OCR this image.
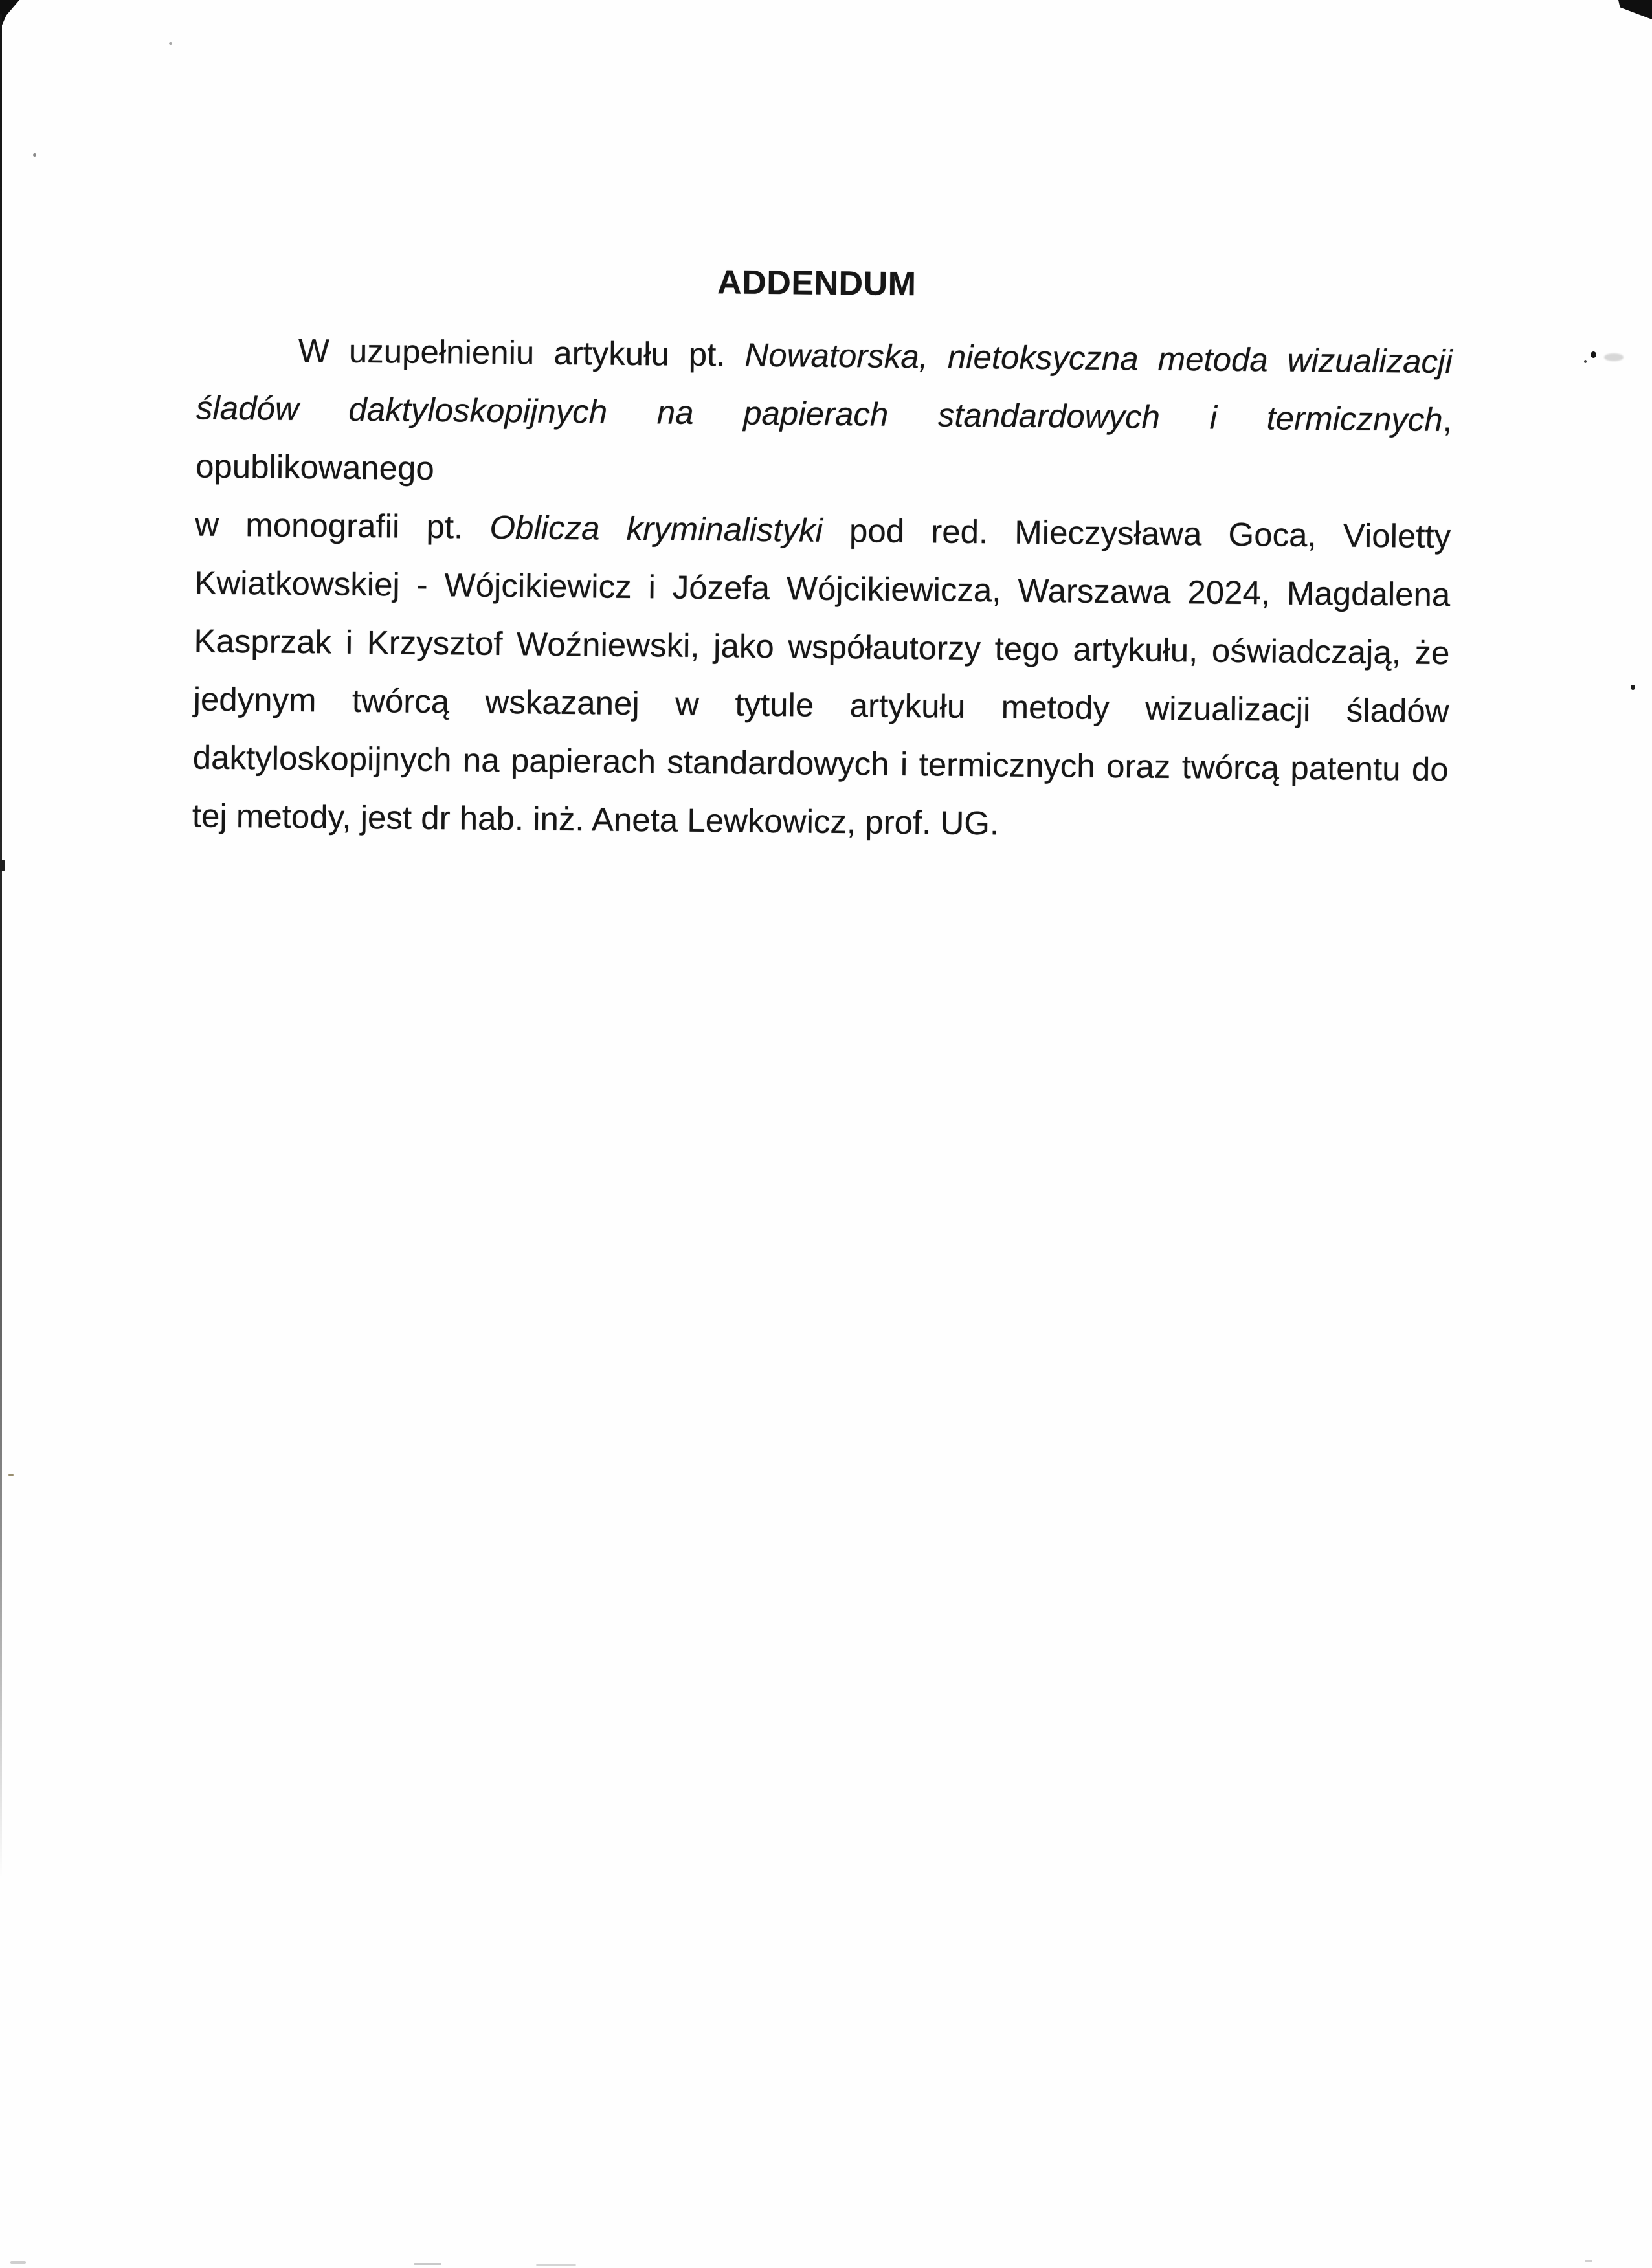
ADDENDUM
W uzupełnieniu artykułu pt. Nowatorska, nietoksyczna metoda wizualizacji
śladów daktyloskopijnych na papierach standardowych i termicznych, opublikowanego
w monografii pt. Oblicza kryminalistyki pod red. Mieczysława Goca, Violetty
Kwiatkowskiej - Wójcikiewicz i Józefa Wójcikiewicza, Warszawa 2024, Magdalena
Kasprzak i Krzysztof Woźniewski, jako współautorzy tego artykułu, oświadczają, że
jedynym twórcą wskazanej w tytule artykułu metody wizualizacji śladów
daktyloskopijnych na papierach standardowych i termicznych oraz twórcą patentu do
tej metody, jest dr hab. inż. Aneta Lewkowicz, prof. UG.
